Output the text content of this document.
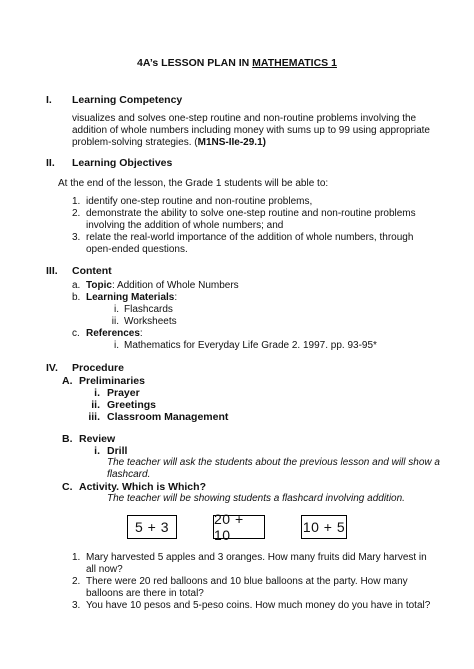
4A’s LESSON PLAN IN MATHEMATICS 1
I. Learning Competency
visualizes and solves one-step routine and non-routine problems involving the
addition of whole numbers including money with sums up to 99 using appropriate
problem-solving strategies. (M1NS-IIe-29.1)
II. Learning Objectives
At the end of the lesson, the Grade 1 students will be able to:
1. identify one-step routine and non-routine problems,
2. demonstrate the ability to solve one-step routine and non-routine problems
involving the addition of whole numbers; and
3. relate the real-world importance of the addition of whole numbers, through
open-ended questions.
III. Content
a. Topic: Addition of Whole Numbers
b. Learning Materials:
i. Flashcards
ii. Worksheets
c. References:
i. Mathematics for Everyday Life Grade 2. 1997. pp. 93-95*
IV. Procedure
A. Preliminaries
i. Prayer
ii. Greetings
iii. Classroom Management
B. Review
i. Drill
The teacher will ask the students about the previous lesson and will show a
flashcard.
C. Activity. Which is Which?
The teacher will be showing students a flashcard involving addition.
5 + 3	20 + 10	10 + 5
1. Mary harvested 5 apples and 3 oranges. How many fruits did Mary harvest in
all now?
2. There were 20 red balloons and 10 blue balloons at the party. How many
balloons are there in total?
3. You have 10 pesos and 5-peso coins. How much money do you have in total?
